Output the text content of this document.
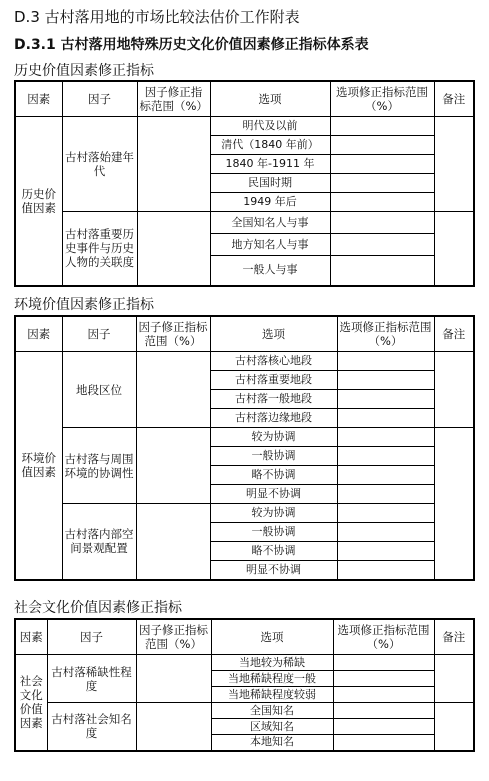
D.3 古村落用地的市场比较法估价工作附表
D.3.1 古村落用地特殊历史文化价值因素修正指标体系表
历史价值因素修正指标
因素	因子	因子修正指标范围（%）	选项	选项修正指标范围（%）	备注
历史价值因素	古村落始建年代		明代及以前		
			清代（1840 年前）		
			1840 年-1911 年		
			民国时期		
			1949 年后		
	古村落重要历史事件与历史人物的关联度		全国知名人与事		
			地方知名人与事		
			一般人与事		
环境价值因素修正指标
因素	因子	因子修正指标范围（%）	选项	选项修正指标范围（%）	备注
环境价值因素	地段区位		古村落核心地段		
			古村落重要地段		
			古村落一般地段		
			古村落边缘地段		
	古村落与周围环境的协调性		较为协调		
			一般协调		
			略不协调		
			明显不协调		
	古村落内部空间景观配置		较为协调		
			一般协调		
			略不协调		
			明显不协调		
社会文化价值因素修正指标
因素	因子	因子修正指标范围（%）	选项	选项修正指标范围（%）	备注
社会文化价值因素	古村落稀缺性程度		当地较为稀缺		
			当地稀缺程度一般		
			当地稀缺程度较弱		
	古村落社会知名度		全国知名		
			区域知名		
			本地知名		
